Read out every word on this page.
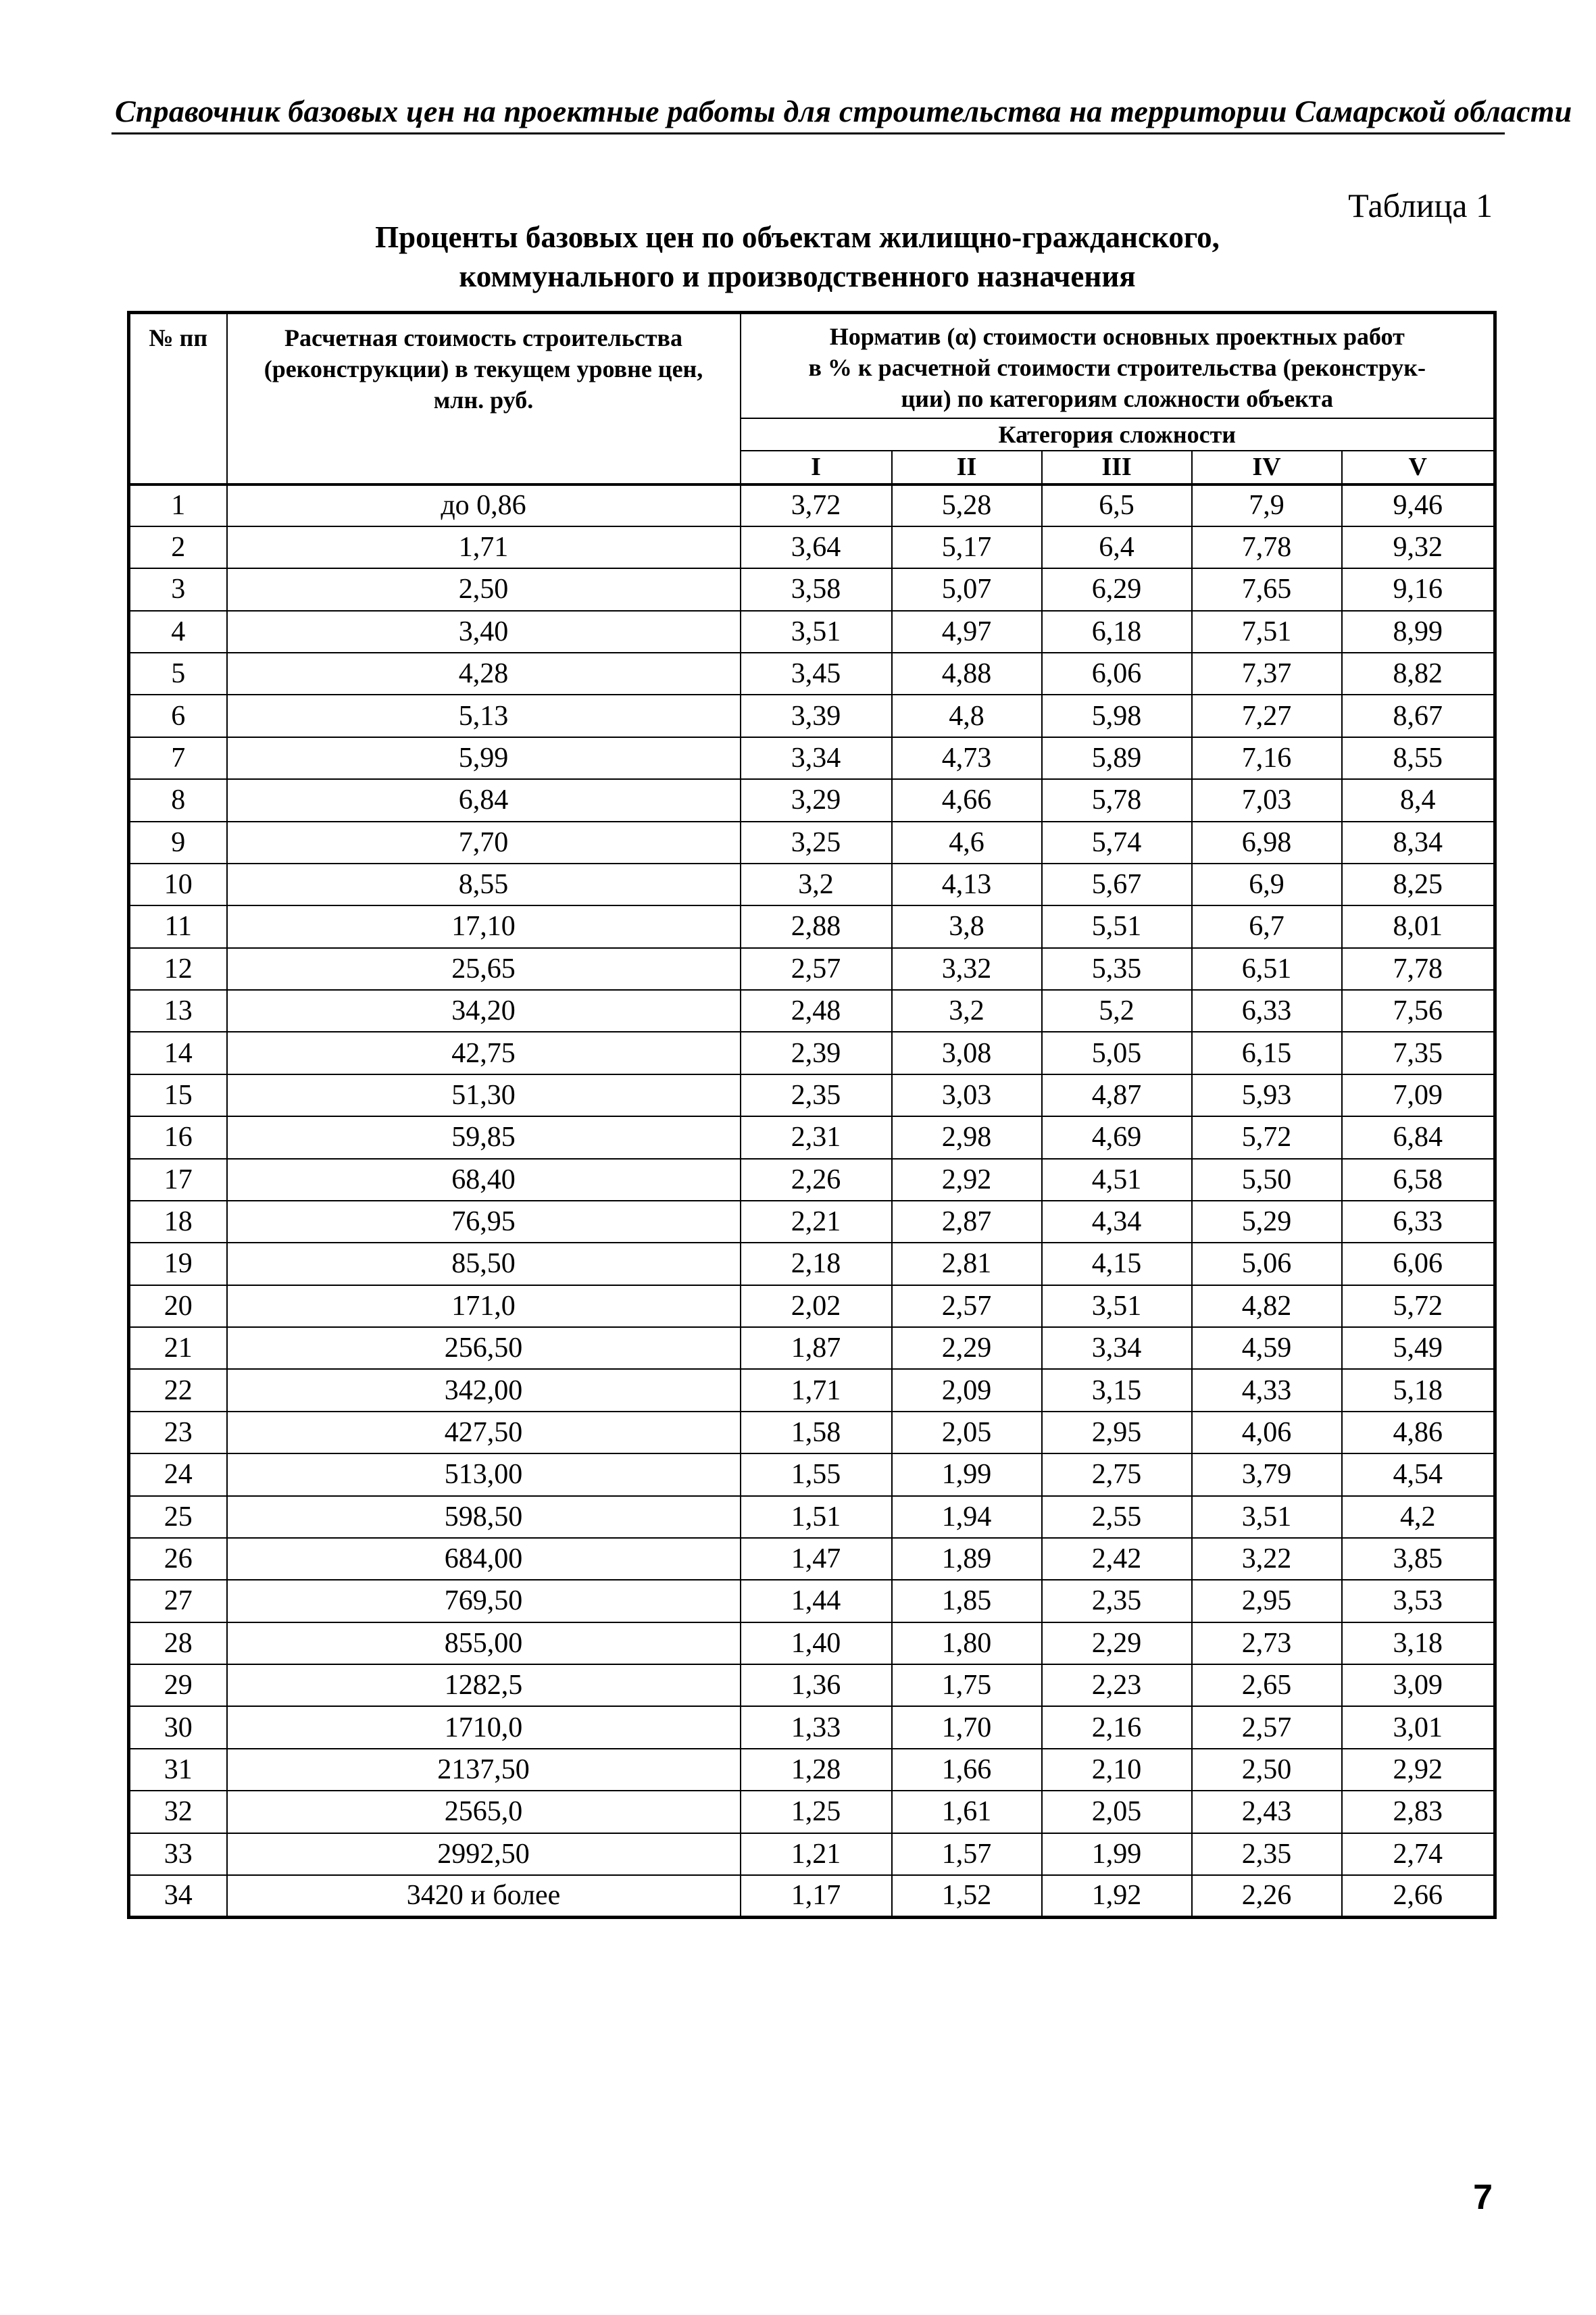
Справочник базовых цен на проектные работы для строительства на территории Самарской области
Таблица 1
Проценты базовых цен по объектам жилищно-гражданского,
коммунального и производственного назначения
№ пп	Расчетная стоимость строительства (реконструкции) в текущем уровне цен, млн. руб.	Норматив (α) стоимости основных проектных работ
в % к расчетной стоимости строительства (реконструк-
ции) по категориям сложности объекта				

		Категория сложности				
		I	II	III	IV	V
1	до 0,86	3,72	5,28	6,5	7,9	9,46
2	1,71	3,64	5,17	6,4	7,78	9,32
3	2,50	3,58	5,07	6,29	7,65	9,16
4	3,40	3,51	4,97	6,18	7,51	8,99
5	4,28	3,45	4,88	6,06	7,37	8,82
6	5,13	3,39	4,8	5,98	7,27	8,67
7	5,99	3,34	4,73	5,89	7,16	8,55
8	6,84	3,29	4,66	5,78	7,03	8,4
9	7,70	3,25	4,6	5,74	6,98	8,34
10	8,55	3,2	4,13	5,67	6,9	8,25
11	17,10	2,88	3,8	5,51	6,7	8,01
12	25,65	2,57	3,32	5,35	6,51	7,78
13	34,20	2,48	3,2	5,2	6,33	7,56
14	42,75	2,39	3,08	5,05	6,15	7,35
15	51,30	2,35	3,03	4,87	5,93	7,09
16	59,85	2,31	2,98	4,69	5,72	6,84
17	68,40	2,26	2,92	4,51	5,50	6,58
18	76,95	2,21	2,87	4,34	5,29	6,33
19	85,50	2,18	2,81	4,15	5,06	6,06
20	171,0	2,02	2,57	3,51	4,82	5,72
21	256,50	1,87	2,29	3,34	4,59	5,49
22	342,00	1,71	2,09	3,15	4,33	5,18
23	427,50	1,58	2,05	2,95	4,06	4,86
24	513,00	1,55	1,99	2,75	3,79	4,54
25	598,50	1,51	1,94	2,55	3,51	4,2
26	684,00	1,47	1,89	2,42	3,22	3,85
27	769,50	1,44	1,85	2,35	2,95	3,53
28	855,00	1,40	1,80	2,29	2,73	3,18
29	1282,5	1,36	1,75	2,23	2,65	3,09
30	1710,0	1,33	1,70	2,16	2,57	3,01
31	2137,50	1,28	1,66	2,10	2,50	2,92
32	2565,0	1,25	1,61	2,05	2,43	2,83
33	2992,50	1,21	1,57	1,99	2,35	2,74
34	3420 и более	1,17	1,52	1,92	2,26	2,66
7
